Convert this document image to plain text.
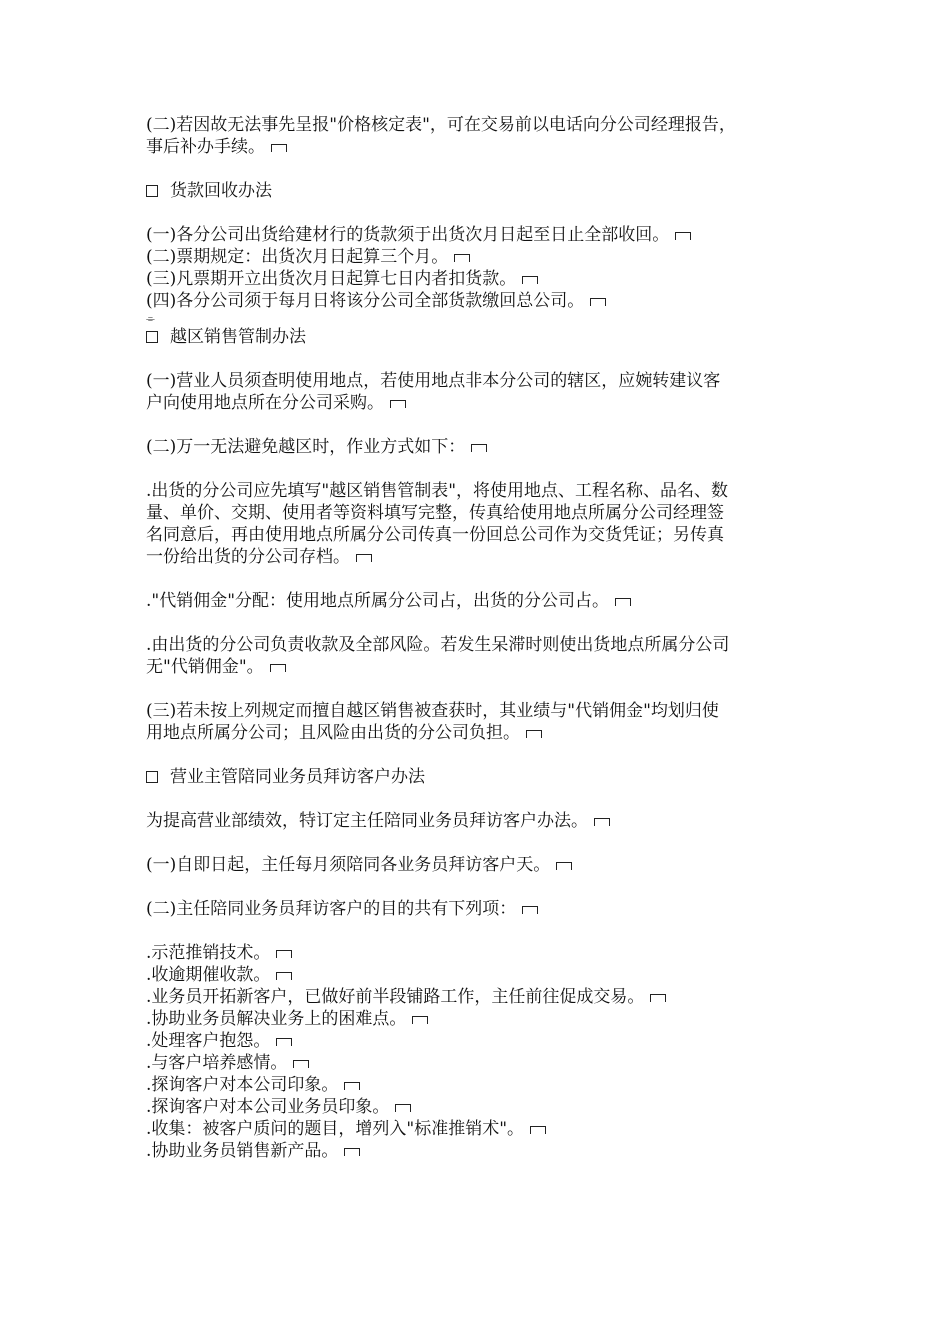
(二)若因故无法事先呈报"价格核定表"，可在交易前以电话向分公司经理报告，
事后补办手续。
货款回收办法
(一)各分公司出货给建材行的货款须于出货次月日起至日止全部收回。
(二)票期规定：出货次月日起算三个月。
(三)凡票期开立出货次月日起算七日内者扣货款。
(四)各分公司须于每月日将该分公司全部货款缴回总公司。
⌯
越区销售管制办法
(一)营业人员须查明使用地点，若使用地点非本分公司的辖区，应婉转建议客
户向使用地点所在分公司采购。
(二)万一无法避免越区时，作业方式如下：
.出货的分公司应先填写"越区销售管制表"，将使用地点、工程名称、品名、数
量、单价、交期、使用者等资料填写完整，传真给使用地点所属分公司经理签
名同意后，再由使用地点所属分公司传真一份回总公司作为交货凭证；另传真
一份给出货的分公司存档。
."代销佣金"分配：使用地点所属分公司占，出货的分公司占。
.由出货的分公司负责收款及全部风险。若发生呆滞时则使出货地点所属分公司
无"代销佣金"。
(三)若未按上列规定而擅自越区销售被查获时，其业绩与"代销佣金"均划归使
用地点所属分公司；且风险由出货的分公司负担。
营业主管陪同业务员拜访客户办法
为提高营业部绩效，特订定主任陪同业务员拜访客户办法。
(一)自即日起，主任每月须陪同各业务员拜访客户天。
(二)主任陪同业务员拜访客户的目的共有下列项：
.示范推销技术。
.收逾期催收款。
.业务员开拓新客户，已做好前半段铺路工作，主任前往促成交易。
.协助业务员解决业务上的困难点。
.处理客户抱怨。
.与客户培养感情。
.探询客户对本公司印象。
.探询客户对本公司业务员印象。
.收集：被客户质问的题目，增列入"标准推销术"。
.协助业务员销售新产品。
